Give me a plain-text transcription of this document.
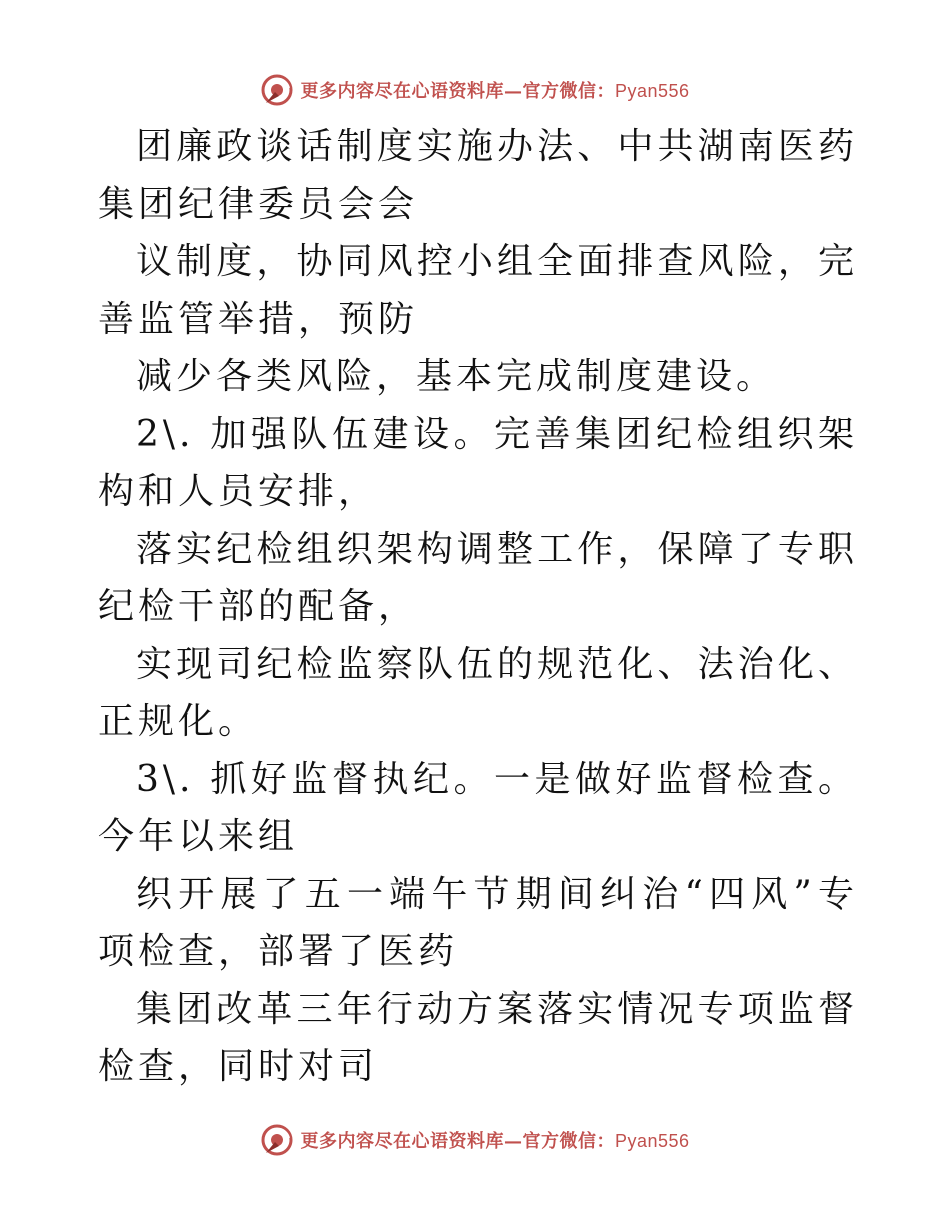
更多内容尽在心语资料库—官方微信：Pyan556

团廉政谈话制度实施办法、中共湖南医药集团纪律委员会会

议制度，协同风控小组全面排查风险，完善监管举措，预防

减少各类风险，基本完成制度建设。

2\. 加强队伍建设。完善集团纪检组织架构和人员安排，

落实纪检组织架构调整工作，保障了专职纪检干部的配备，

实现司纪检监察队伍的规范化、法治化、正规化。

3\. 抓好监督执纪。一是做好监督检查。今年以来组

织开展了五一端午节期间纠治“四风”专项检查，部署了医药

集团改革三年行动方案落实情况专项监督检查，同时对司

更多内容尽在心语资料库—官方微信：Pyan556
